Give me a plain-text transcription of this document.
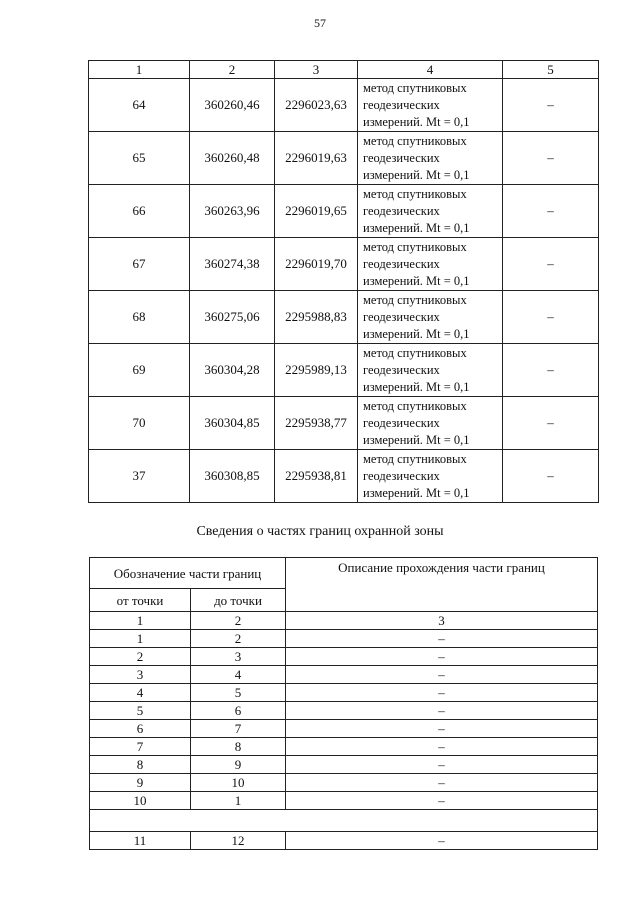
57
1	2	3	4	5
64	360260,46	2296023,63	метод спутниковых
геодезических
измерений. Mt = 0,1	–
65	360260,48	2296019,63	метод спутниковых
геодезических
измерений. Mt = 0,1	–
66	360263,96	2296019,65	метод спутниковых
геодезических
измерений. Mt = 0,1	–
67	360274,38	2296019,70	метод спутниковых
геодезических
измерений. Mt = 0,1	–
68	360275,06	2295988,83	метод спутниковых
геодезических
измерений. Mt = 0,1	–
69	360304,28	2295989,13	метод спутниковых
геодезических
измерений. Mt = 0,1	–
70	360304,85	2295938,77	метод спутниковых
геодезических
измерений. Mt = 0,1	–
37	360308,85	2295938,81	метод спутниковых
геодезических
измерений. Mt = 0,1	–
Сведения о частях границ охранной зоны
Обозначение части границ		Описание прохождения части границ
от точки	до точки	
1	2	3
1	2	–
2	3	–
3	4	–
4	5	–
5	6	–
6	7	–
7	8	–
8	9	–
9	10	–
10	1	–

11	12	–
